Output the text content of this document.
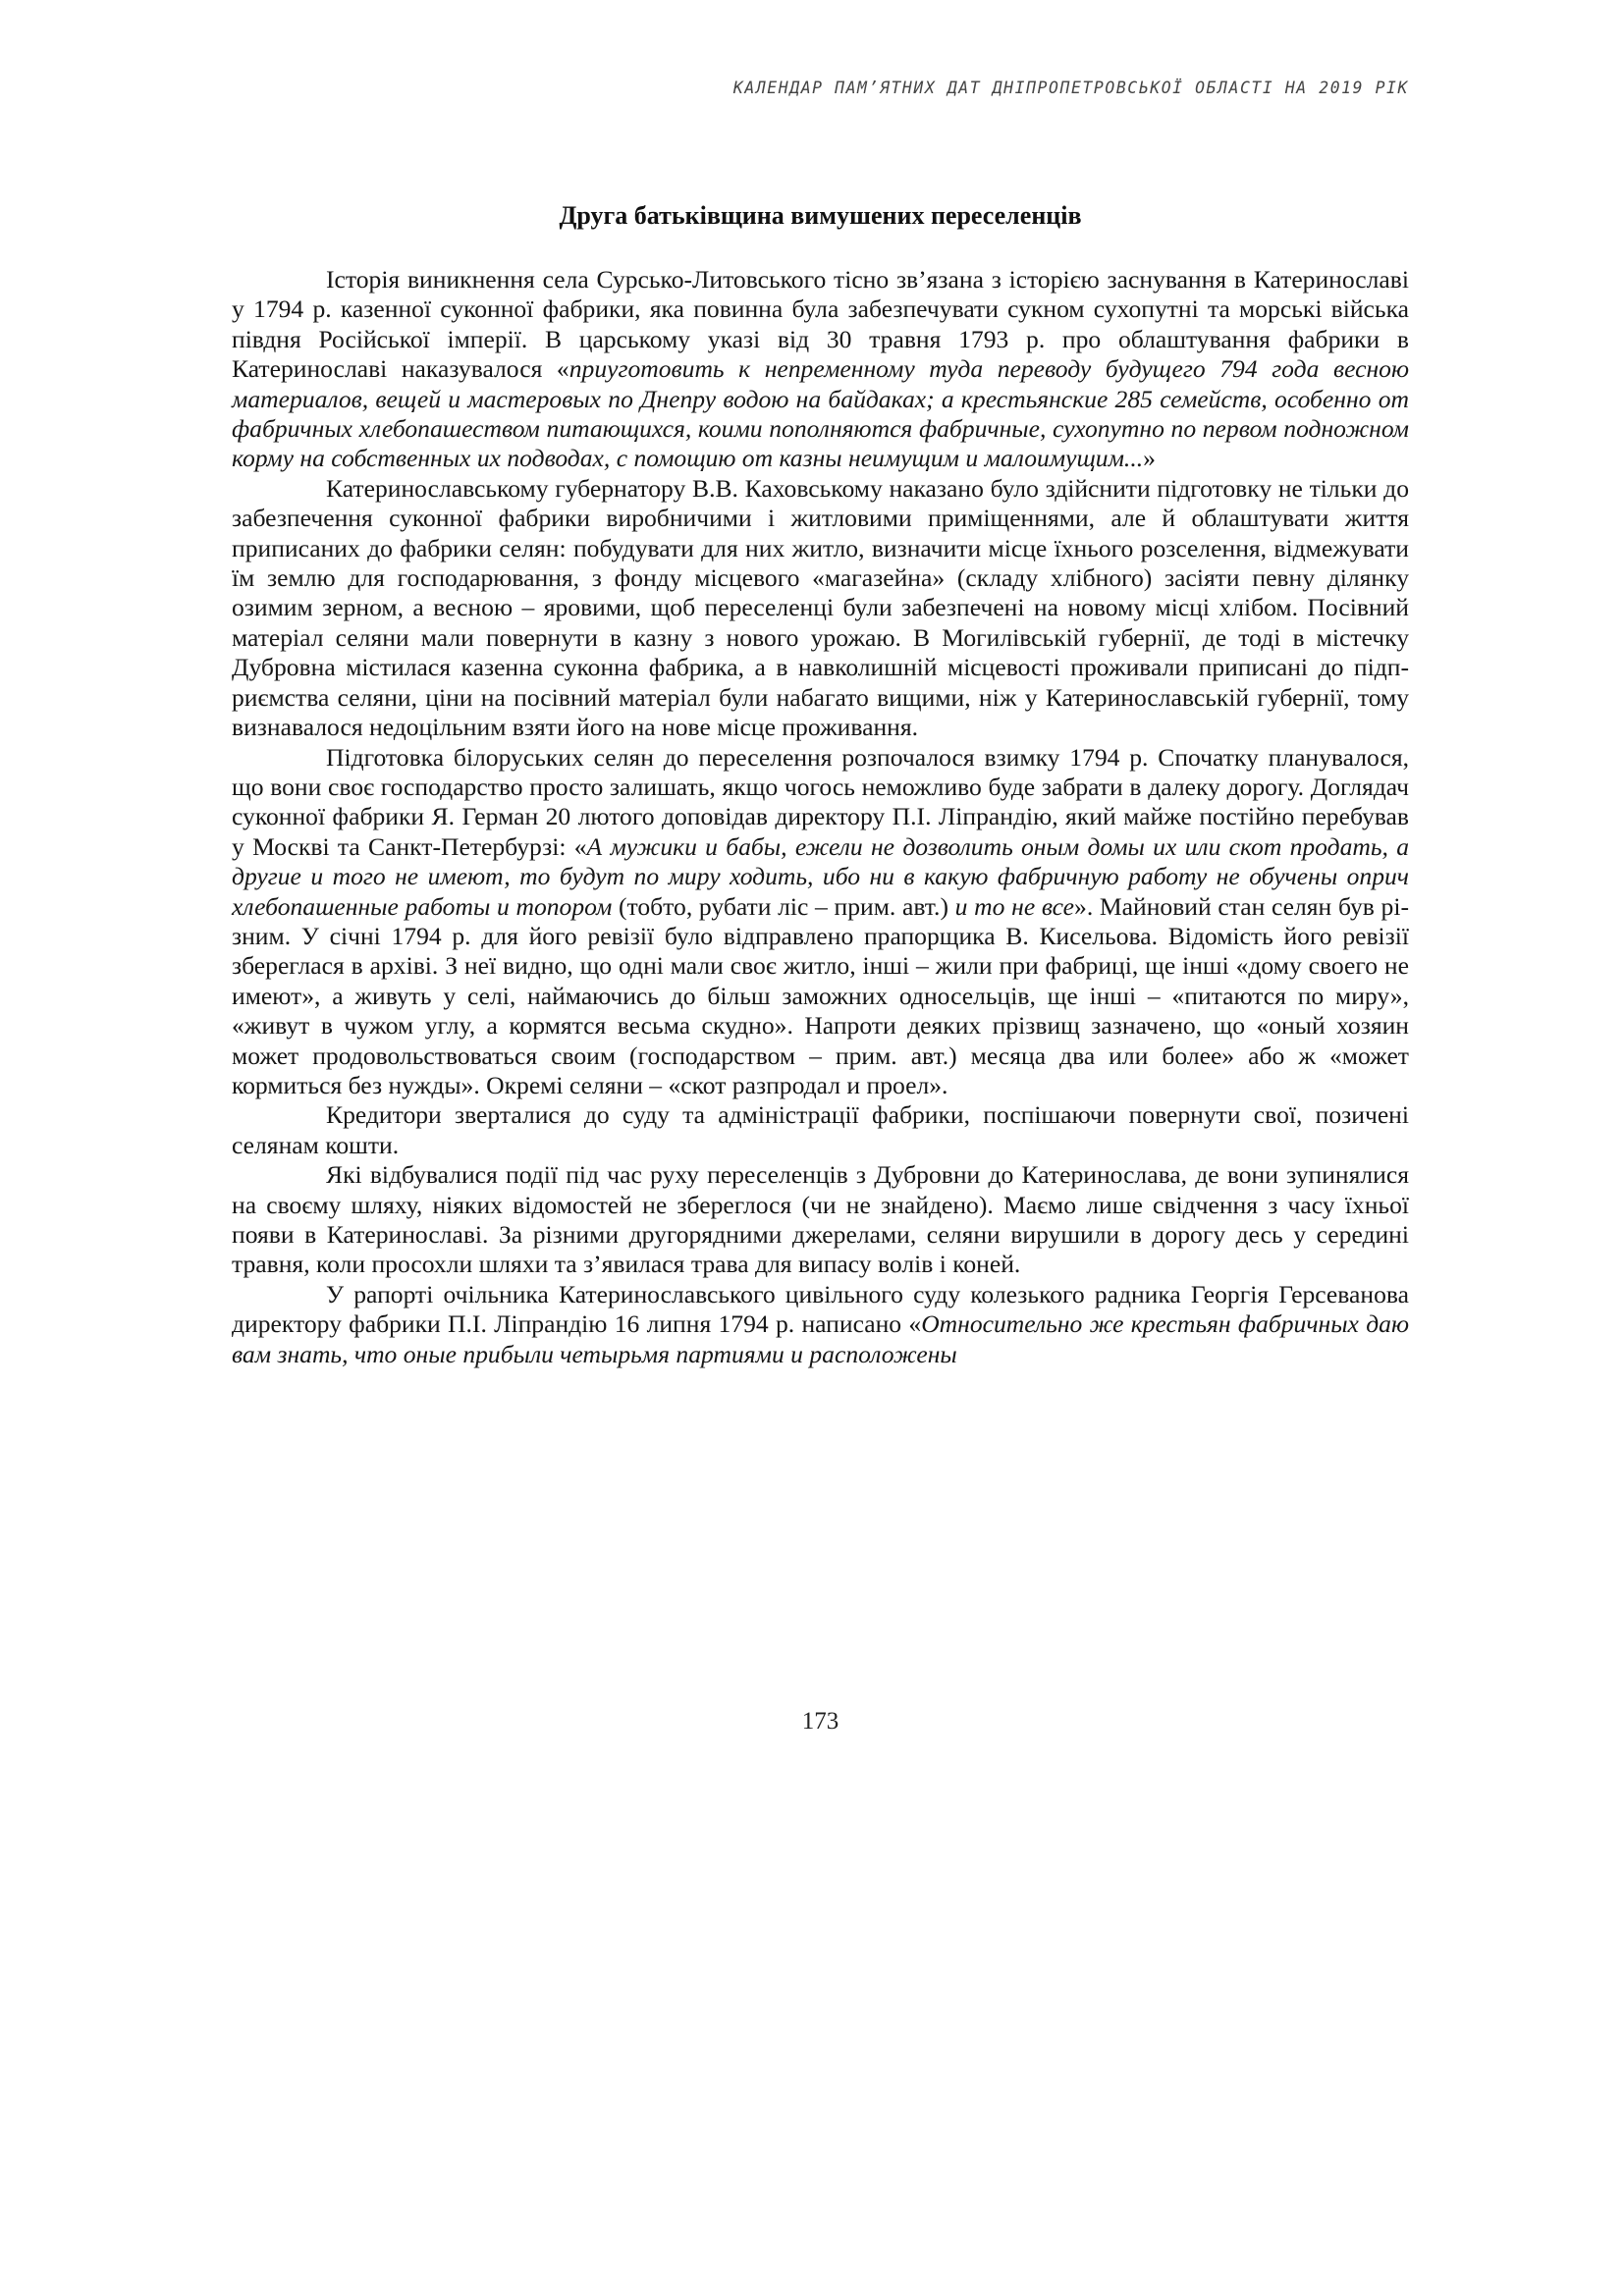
КАЛЕНДАР ПАМ’ЯТНИХ ДАТ ДНІПРОПЕТРОВСЬКОЇ ОБЛАСТІ НА 2019 РІК
Друга батьківщина вимушених переселенців

Історія виникнення села Сурсько-Литовського тісно зв’язана з історією заснування в Катеринославі у 1794 р. казенної суконної фабрики, яка повинна була забезпечувати сукном сухопутні та морські війська півдня Російської імперії. В царському указі від 30 травня 1793 р. про облаштування фабрики в Катеринославі наказувалося «приуготовить к непременному туда переводу будущего 794 года весною материалов, вещей и мастеровых по Днепру водою на байдаках; а крестьянские 285 семейств, особенно от фабричных хлебопашеством питающихся, коими пополняются фабричные, сухопутно по первом подножном корму на собственных их подводах, с помощию от казны неимущим и малоимущим...»

Катеринославському губернатору В.В. Каховському наказано було здійснити підготовку не тільки до забезпечення суконної фабрики виробничими і житловими приміщеннями, але й облаштувати життя приписаних до фабрики селян: побудувати для них житло, визначити місце їхнього розселення, відмежувати їм землю для господарювання, з фонду місцевого «магазейна» (складу хлібного) засіяти певну ділянку озимим зерном, а весною – яровими, щоб переселенці були забезпечені на новому місці хлібом. Посівний матеріал селяни мали повернути в казну з нового урожаю. В Могилівській губернії, де тоді в містечку Дубровна містилася казенна суконна фабрика, а в навколишній місцевості проживали приписані до підприємства селяни, ціни на посівний матеріал були набагато вищими, ніж у Катеринославській губернії, тому визнавалося недоцільним взяти його на нове місце проживання.

Підготовка білоруських селян до переселення розпочалося взимку 1794 р. Спочатку планувалося, що вони своє господарство просто залишать, якщо чогось неможливо буде забрати в далеку дорогу. Доглядач суконної фабрики Я. Герман 20 лютого доповідав директору П.І. Ліпрандію, який майже постійно перебував у Москві та Санкт-Петербурзі: «А мужики и бабы, ежели не дозволить оным домы их или скот продать, а другие и того не имеют, то будут по миру ходить, ибо ни в какую фабричную работу не обучены оприч хлебопашенные работы и топором (тобто, рубати ліс – прим. авт.) и то не все». Майновий стан селян був різним. У січні 1794 р. для його ревізії було відправлено прапорщика В. Кисельова. Відомість його ревізії збереглася в архіві. З неї видно, що одні мали своє житло, інші – жили при фабриці, ще інші «дому своего не имеют», а живуть у селі, наймаючись до більш заможних односельців, ще інші – «питаются по миру», «живут в чужом углу, а кормятся весьма скудно». Напроти деяких прізвищ зазначено, що «оный хозяин может продовольствоваться своим (господарством – прим. авт.) месяца два или более» або ж «может кормиться без нужды». Окремі селяни – «скот разпродал и проел».

Кредитори зверталися до суду та адміністрації фабрики, поспішаючи повернути свої, позичені селянам кошти.

Які відбувалися події під час руху переселенців з Дубровни до Катеринослава, де вони зупинялися на своєму шляху, ніяких відомостей не збереглося (чи не знайдено). Маємо лише свідчення з часу їхньої появи в Катеринославі. За різними другорядними джерелами, селяни вирушили в дорогу десь у середині травня, коли просохли шляхи та з’явилася трава для випасу волів і коней.

У рапорті очільника Катеринославського цивільного суду колезького радника Георгія Герсеванова директору фабрики П.І. Ліпрандію 16 липня 1794 р. написано «Относительно же крестьян фабричных даю вам знать, что оные прибыли четырьмя партиями и расположены

173
